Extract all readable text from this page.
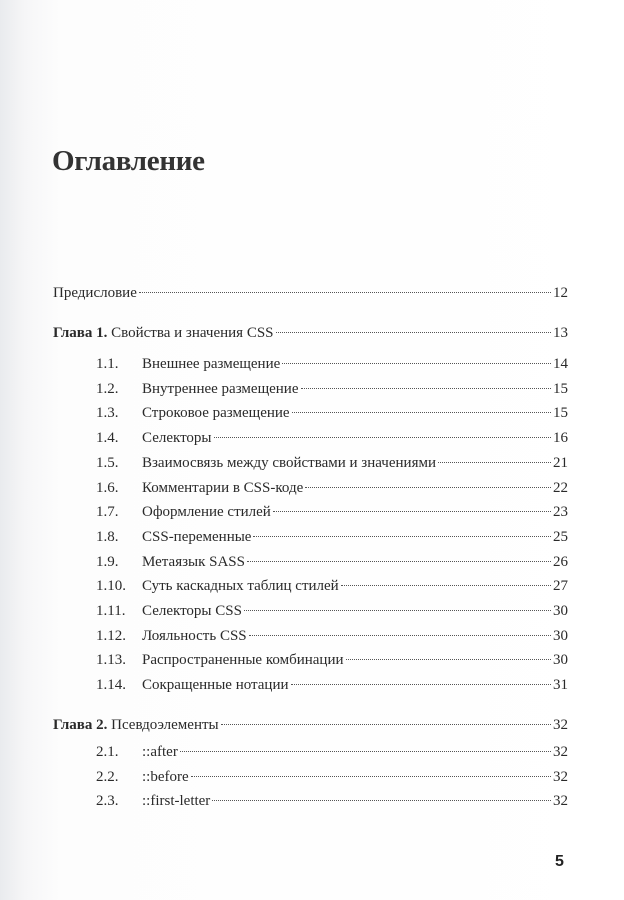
Оглавление
Предисловие	12
Глава 1. Свойства и значения CSS	13
1.1.	Внешнее размещение	14
1.2.	Внутреннее размещение	15
1.3.	Строковое размещение	15
1.4.	Селекторы	16
1.5.	Взаимосвязь между свойствами и значениями	21
1.6.	Комментарии в CSS-коде	22
1.7.	Оформление стилей	23
1.8.	CSS-переменные	25
1.9.	Метаязык SASS	26
1.10.	Суть каскадных таблиц стилей	27
1.11.	Селекторы CSS	30
1.12.	Лояльность CSS	30
1.13.	Распространенные комбинации	30
1.14.	Сокращенные нотации	31
Глава 2. Псевдоэлементы	32
2.1.	::after	32
2.2.	::before	32
2.3.	::first-letter	32
5
